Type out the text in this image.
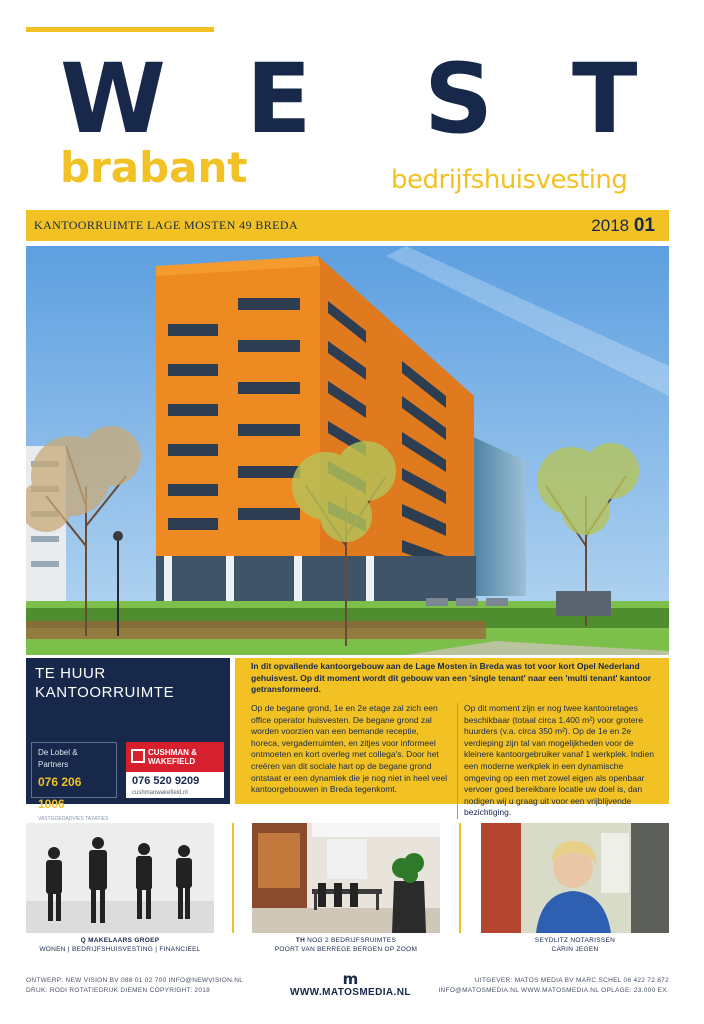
W E S T
brabant	bedrijfshuisvesting
KANTOORRUIMTE LAGE MOSTEN 49 BREDA	2018 01
TE HUUR
KANTOORRUIMTE
De Lobel & Partners
076 206 1006
VASTGOEDADVIES TAXATIES
CUSHMAN & WAKEFIELD
076 520 9209
cushmanwakefield.nl

In dit opvallende kantoorgebouw aan de Lage Mosten in Breda was tot voor kort Opel Nederland gehuisvest. Op dit moment wordt dit gebouw van een 'single tenant' naar een 'multi tenant' kantoor getransformeerd.

Op de begane grond, 1e en 2e etage zal zich een office operator huisvesten. De begane grond zal worden voorzien van een bemande receptie, horeca, vergaderruimten, en zitjes voor informeel ontmoeten en kort overleg met collega's. Door het creëren van dit sociale hart op de begane grond ontstaat er een dynamiek die je nog niet in heel veel kantoorgebouwen in Breda tegenkomt.

Op dit moment zijn er nog twee kantooretages beschikbaar (totaal circa 1.400 m²) voor grotere huurders (v.a. circa 350 m²). Op de 1e en 2e verdieping zijn tal van mogelijkheden voor de kleinere kantoorgebruiker vanaf 1 werkplek. Indien een moderne werkplek in een dynamische omgeving op een met zowel eigen als openbaar vervoer goed bereikbare locatie uw doel is, dan nodigen wij u graag uit voor een vrijblijvende bezichtiging.

Q MAKELAARS GROEP
WONEN | BEDRIJFSHUISVESTING | FINANCIEEL
TH NOG 2 BEDRIJFSRUIMTES
POORT VAN BERREGE BERGEN OP ZOOM
SEYDLITZ NOTARISSEN
CARIN JEGEN
ONTWERP: NEW VISION BV 088 01 02 700 INFO@NEWVISION.NL
DRUK: RODI ROTATIEDRUK DIEMEN COPYRIGHT: 2018
m
WWW.MATOSMEDIA.NL
UITGEVER: MATOS MEDIA BV MARC SCHEL 06 422 72 872
INFO@MATOSMEDIA.NL WWW.MATOSMEDIA.NL OPLAGE: 23.000 EX.
